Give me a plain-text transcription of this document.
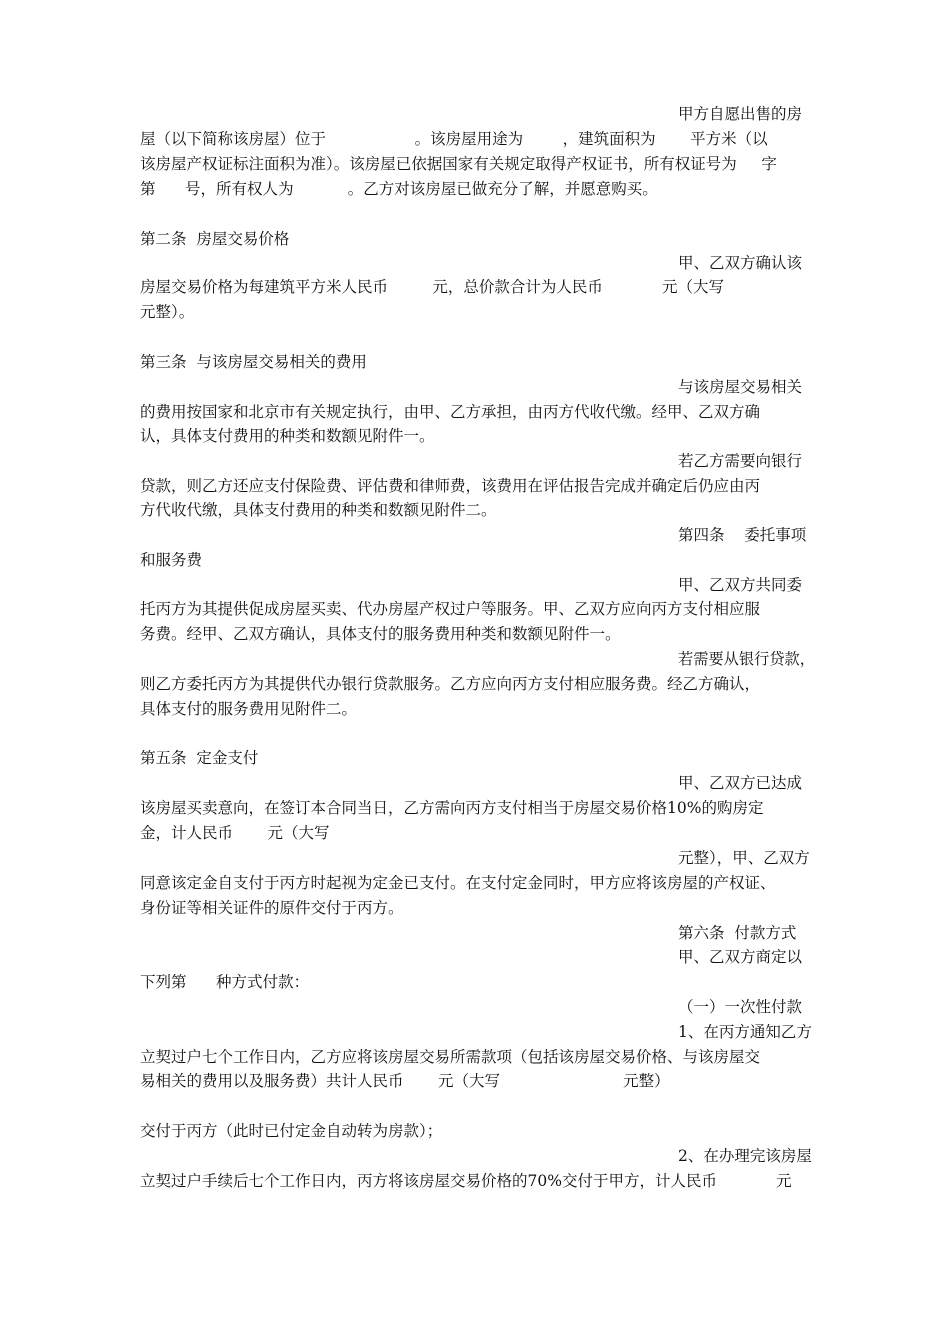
甲方自愿出售的房
屋（以下简称该房屋）位于                  。该房屋用途为        ，建筑面积为       平方米（以
该房屋产权证标注面积为准）。该房屋已依据国家有关规定取得产权证书，所有权证号为     字
第      号，所有权人为           。乙方对该房屋已做充分了解，并愿意购买。
第二条  房屋交易价格
甲、乙双方确认该
房屋交易价格为每建筑平方米人民币         元，总价款合计为人民币            元（大写
元整）。
第三条  与该房屋交易相关的费用
与该房屋交易相关
的费用按国家和北京市有关规定执行，由甲、乙方承担，由丙方代收代缴。经甲、乙双方确
认，具体支付费用的种类和数额见附件一。
若乙方需要向银行
贷款，则乙方还应支付保险费、评估费和律师费，该费用在评估报告完成并确定后仍应由丙
方代收代缴，具体支付费用的种类和数额见附件二。
第四条    委托事项
和服务费
甲、乙双方共同委
托丙方为其提供促成房屋买卖、代办房屋产权过户等服务。甲、乙双方应向丙方支付相应服
务费。经甲、乙双方确认，具体支付的服务费用种类和数额见附件一。
若需要从银行贷款，
则乙方委托丙方为其提供代办银行贷款服务。乙方应向丙方支付相应服务费。经乙方确认，
具体支付的服务费用见附件二。
第五条  定金支付
甲、乙双方已达成
该房屋买卖意向，在签订本合同当日，乙方需向丙方支付相当于房屋交易价格10%的购房定
金，计人民币       元（大写
元整），甲、乙双方
同意该定金自支付于丙方时起视为定金已支付。在支付定金同时，甲方应将该房屋的产权证、
身份证等相关证件的原件交付于丙方。
第六条  付款方式
甲、乙双方商定以
下列第      种方式付款：
（一）一次性付款
1、在丙方通知乙方
立契过户七个工作日内，乙方应将该房屋交易所需款项（包括该房屋交易价格、与该房屋交
易相关的费用以及服务费）共计人民币       元（大写                         元整）
交付于丙方（此时已付定金自动转为房款）；
2、在办理完该房屋
立契过户手续后七个工作日内，丙方将该房屋交易价格的70%交付于甲方，计人民币            元
